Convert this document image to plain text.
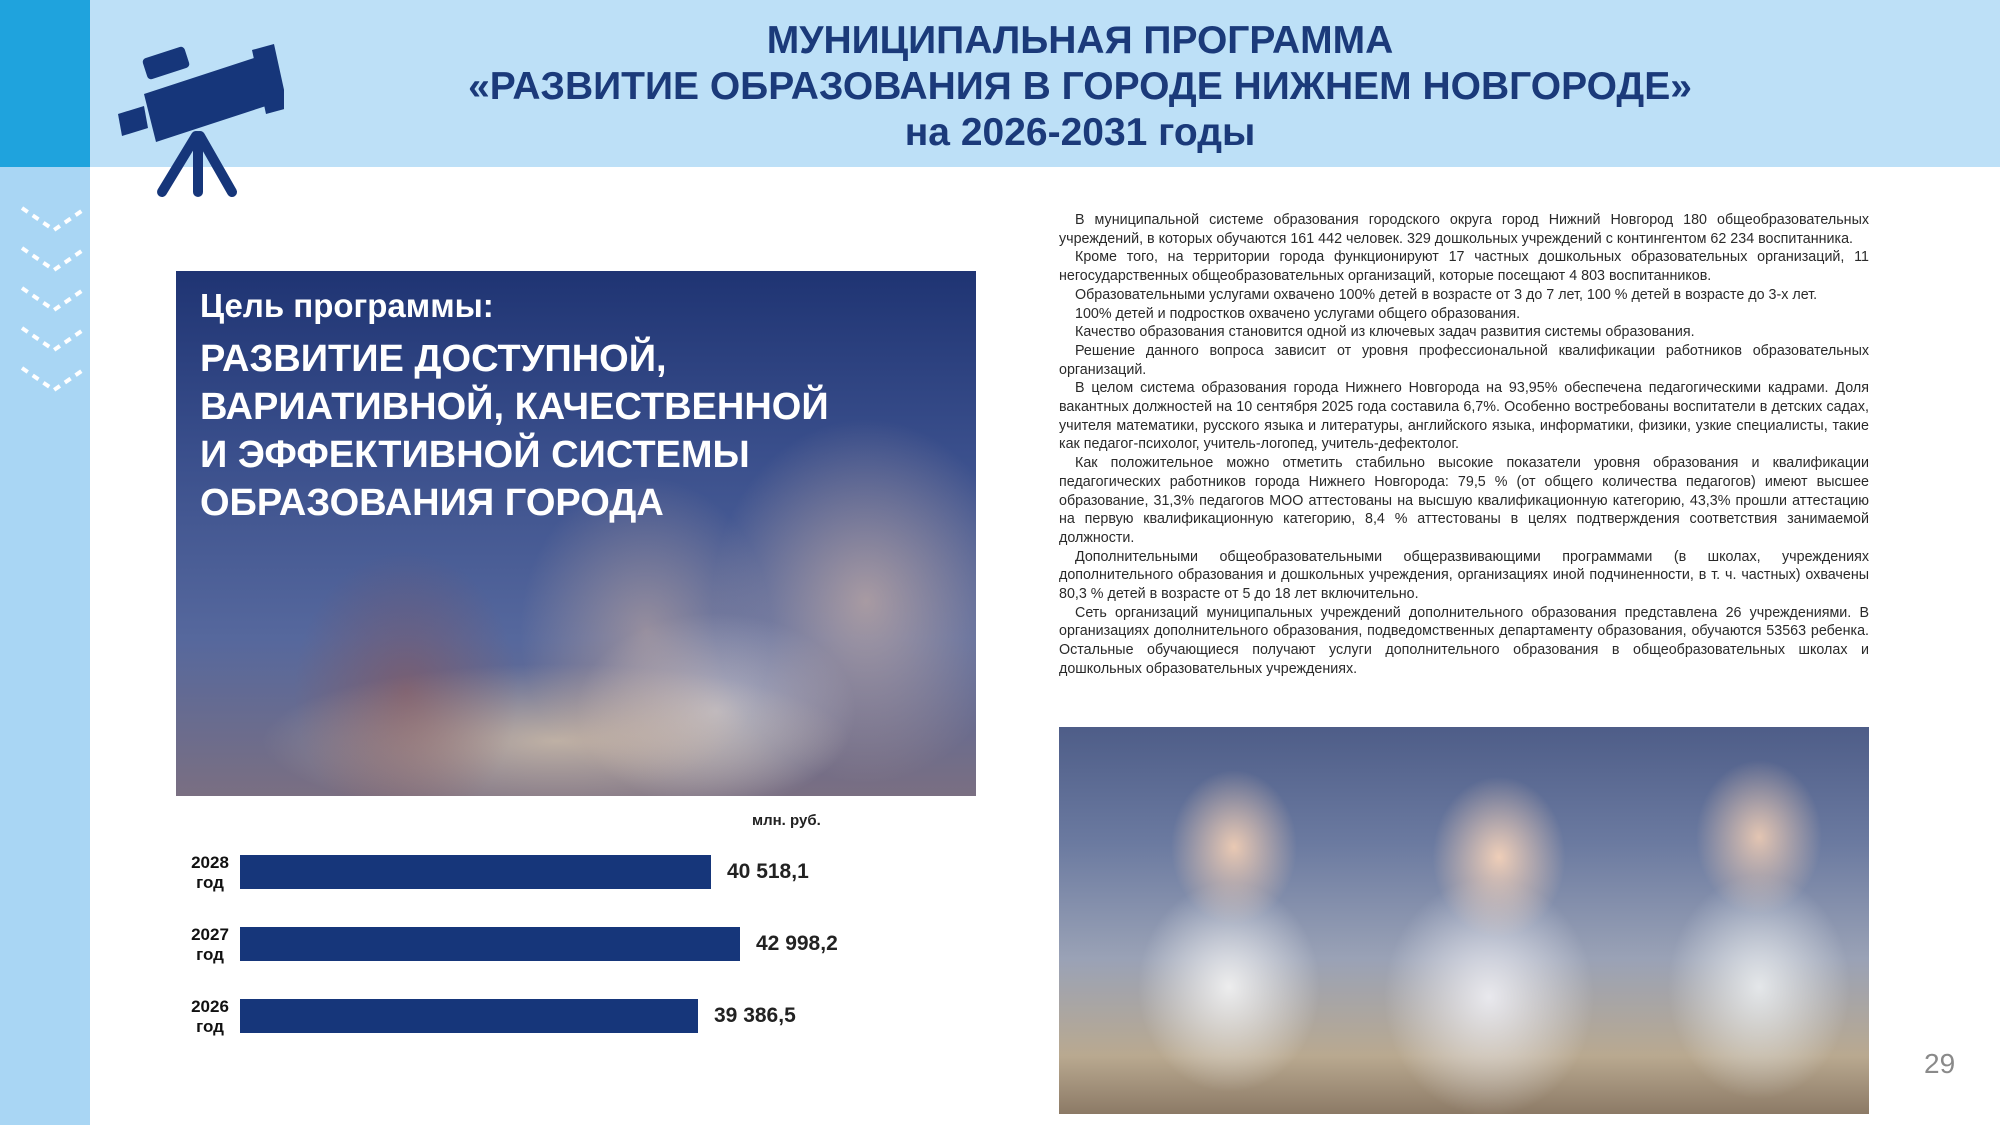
МУНИЦИПАЛЬНАЯ ПРОГРАММА
«РАЗВИТИЕ ОБРАЗОВАНИЯ В ГОРОДЕ НИЖНЕМ НОВГОРОДЕ»
на 2026-2031 годы
Цель программы:
РАЗВИТИЕ ДОСТУПНОЙ,
ВАРИАТИВНОЙ, КАЧЕСТВЕННОЙ
И ЭФФЕКТИВНОЙ СИСТЕМЫ
ОБРАЗОВАНИЯ ГОРОДА
млн. руб.
2028
год	40 518,1
2027
год	42 998,2
2026
год	39 386,5

В муниципальной системе образования городского округа город Нижний Новгород 180 общеобразовательных учреждений, в которых обучаются 161 442 человек. 329 дошкольных учреждений с контингентом 62 234 воспитанника.

Кроме того, на территории города функционируют 17 частных дошкольных образовательных организаций, 11 негосударственных общеобразовательных организаций, которые посещают 4 803 воспитанников.

Образовательными услугами охвачено 100% детей в возрасте от 3 до 7 лет, 100 % детей в возрасте до 3-х лет.

100% детей и подростков охвачено услугами общего образования.

Качество образования становится одной из ключевых задач развития системы образования.

Решение данного вопроса зависит от уровня профессиональной квалификации работников образовательных организаций.

В целом система образования города Нижнего Новгорода на 93,95% обеспечена педагогическими кадрами. Доля вакантных должностей на 10 сентября 2025 года составила 6,7%. Особенно востребованы воспитатели в детских садах, учителя математики, русского языка и литературы, английского языка, информатики, физики, узкие специалисты, такие как педагог-психолог, учитель-логопед, учитель-дефектолог.

Как положительное можно отметить стабильно высокие показатели уровня образования и квалификации педагогических работников города Нижнего Новгорода: 79,5 % (от общего количества педагогов) имеют высшее образование, 31,3% педагогов МОО аттестованы на высшую квалификационную категорию, 43,3% прошли аттестацию на первую квалификационную категорию, 8,4 % аттестованы в целях подтверждения соответствия занимаемой должности.

Дополнительными общеобразовательными общеразвивающими программами (в школах, учреждениях дополнительного образования и дошкольных учреждения, организациях иной подчиненности, в т. ч. частных) охвачены 80,3 % детей в возрасте от 5 до 18 лет включительно.

Сеть организаций муниципальных учреждений дополнительного образования представлена 26 учреждениями. В организациях дополнительного образования, подведомственных департаменту образования, обучаются 53563 ребенка. Остальные обучающиеся получают услуги дополнительного образования в общеобразовательных школах и дошкольных образовательных учреждениях.

29
